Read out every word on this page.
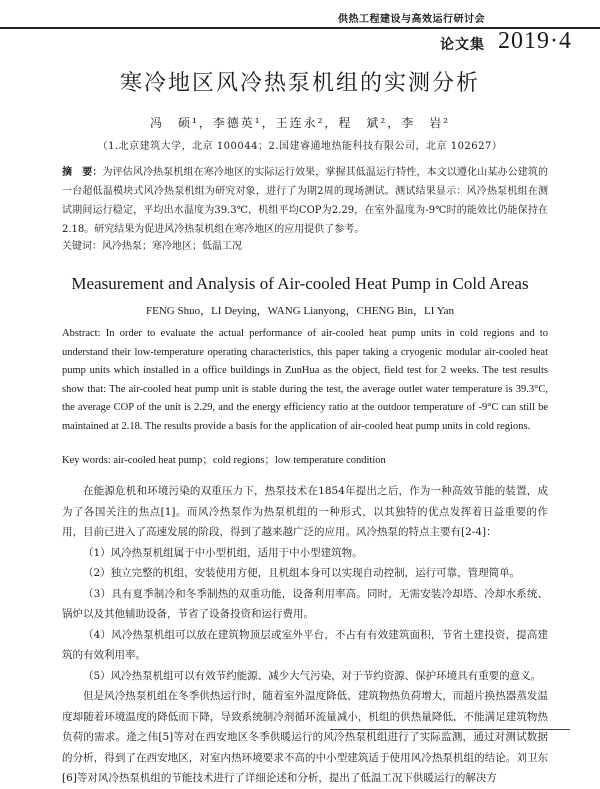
供热工程建设与高效运行研讨会
论文集 2019·4
寒冷地区风冷热泵机组的实测分析
冯　硕¹，李德英¹，王连永²，程　斌²，李　岩²
（1.北京建筑大学，北京 100044；2.国建睿通地热能科技有限公司，北京 102627）
摘　要：为评估风冷热泵机组在寒冷地区的实际运行效果，掌握其低温运行特性，本文以遵化山某办公建筑的一台超低温模块式风冷热泵机组为研究对象，进行了为期2周的现场测试。测试结果显示：风冷热泵机组在测试期间运行稳定，平均出水温度为39.3℃，机组平均COP为2.29，在室外温度为-9℃时的能效比仍能保持在2.18。研究结果为促进风冷热泵机组在寒冷地区的应用提供了参考。
关键词：风冷热泵；寒冷地区；低温工况
Measurement and Analysis of Air-cooled Heat Pump in Cold Areas
FENG Shuo，LI Deying，WANG Lianyong，CHENG Bin，LI Yan
Abstract: In order to evaluate the actual performance of air-cooled heat pump units in cold regions and to understand their low-temperature operating characteristics, this paper taking a cryogenic modular air-cooled heat pump units which installed in a office buildings in ZunHua as the object, field test for 2 weeks. The test results show that: The air-cooled heat pump unit is stable during the test, the average outlet water temperature is 39.3°C, the average COP of the unit is 2.29, and the energy efficiency ratio at the outdoor temperature of -9°C can still be maintained at 2.18. The results provide a basis for the application of air-cooled heat pump units in cold regions.
Key words: air-cooled heat pump；cold regions；low temperature condition

在能源危机和环境污染的双重压力下，热泵技术在1854年提出之后，作为一种高效节能的装置，成为了各国关注的焦点[1]。而风冷热泵作为热泵机组的一种形式，以其独特的优点发挥着日益重要的作用，目前已进入了高速发展的阶段，得到了越来越广泛的应用。风冷热泵的特点主要有[2-4]：

（1）风冷热泵机组属于中小型机组，适用于中小型建筑物。

（2）独立完整的机组，安装使用方便，且机组本身可以实现自动控制，运行可靠，管理简单。

（3）具有夏季制冷和冬季制热的双重功能，设备利用率高。同时，无需安装冷却塔、冷却水系统、锅炉以及其他辅助设备，节省了设备投资和运行费用。

（4）风冷热泵机组可以放在建筑物顶层或室外平台，不占有有效建筑面积，节省土建投资，提高建筑的有效利用率。

（5）风冷热泵机组可以有效节约能源、减少大气污染，对于节约资源、保护环境具有重要的意义。

但是风冷热泵机组在冬季供热运行时，随着室外温度降低，建筑物热负荷增大，而超片换热器蒸发温度却随着环境温度的降低而下降，导致系统制冷剂循环流量减小，机组的供热量降低，不能满足建筑物热负荷的需求。逄之伟[5]等对在西安地区冬季供暖运行的风冷热泵机组进行了实际监测，通过对测试数据的分析，得到了在西安地区，对室内热环境要求不高的中小型建筑适于使用风冷热泵机组的结论。刘卫东[6]等对风冷热泵机组的节能技术进行了详细论述和分析，提出了低温工况下供暖运行的解决方
